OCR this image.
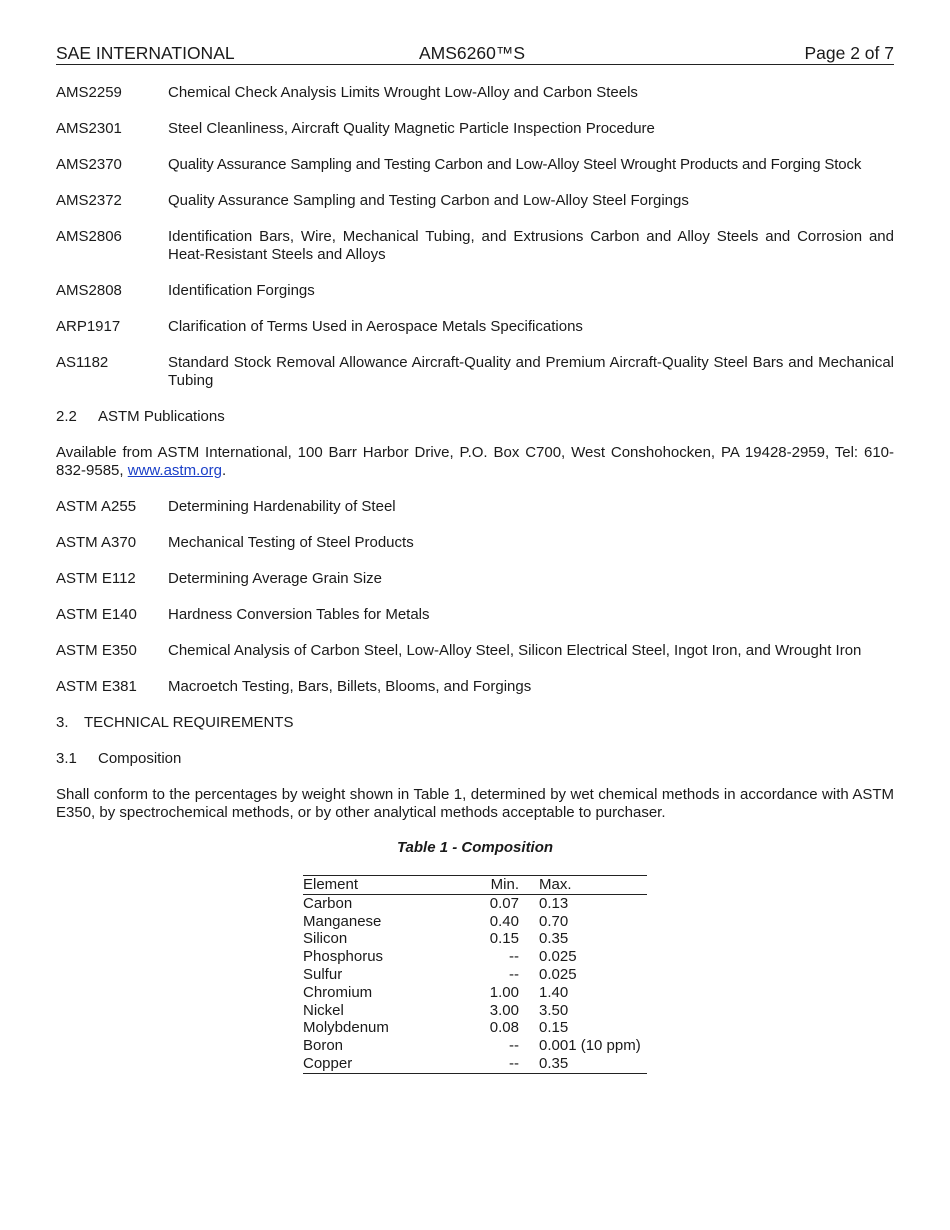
SAE INTERNATIONAL	AMS6260™S	Page 2 of 7
AMS2259	Chemical Check Analysis Limits Wrought Low-Alloy and Carbon Steels
AMS2301	Steel Cleanliness, Aircraft Quality Magnetic Particle Inspection Procedure
AMS2370	Quality Assurance Sampling and Testing Carbon and Low-Alloy Steel Wrought Products and Forging Stock
AMS2372	Quality Assurance Sampling and Testing Carbon and Low-Alloy Steel Forgings
AMS2806	Identification Bars, Wire, Mechanical Tubing, and Extrusions Carbon and Alloy Steels and Corrosion and Heat-Resistant Steels and Alloys
AMS2808	Identification Forgings
ARP1917	Clarification of Terms Used in Aerospace Metals Specifications
AS1182	Standard Stock Removal Allowance Aircraft-Quality and Premium Aircraft-Quality Steel Bars and Mechanical Tubing
2.2 ASTM Publications
Available from ASTM International, 100 Barr Harbor Drive, P.O. Box C700, West Conshohocken, PA 19428-2959, Tel: 610-832-9585, www.astm.org.
ASTM A255	Determining Hardenability of Steel
ASTM A370	Mechanical Testing of Steel Products
ASTM E112	Determining Average Grain Size
ASTM E140	Hardness Conversion Tables for Metals
ASTM E350	Chemical Analysis of Carbon Steel, Low-Alloy Steel, Silicon Electrical Steel, Ingot Iron, and Wrought Iron
ASTM E381	Macroetch Testing, Bars, Billets, Blooms, and Forgings
3. TECHNICAL REQUIREMENTS
3.1 Composition
Shall conform to the percentages by weight shown in Table 1, determined by wet chemical methods in accordance with ASTM E350, by spectrochemical methods, or by other analytical methods acceptable to purchaser.
Table 1 - Composition
Element	Min.	Max.
Carbon	0.07	0.13
Manganese	0.40	0.70
Silicon	0.15	0.35
Phosphorus	--	0.025
Sulfur	--	0.025
Chromium	1.00	1.40
Nickel	3.00	3.50
Molybdenum	0.08	0.15
Boron	--	0.001 (10 ppm)
Copper	--	0.35
